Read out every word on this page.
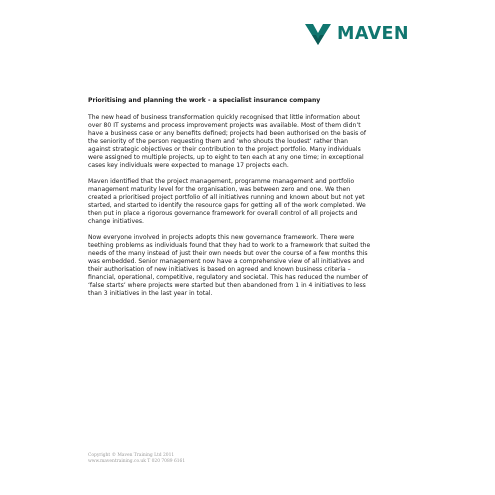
MAVEN

Prioritising and planning the work - a specialist insurance company

The new head of business transformation quickly recognised that little information about
over 80 IT systems and process improvement projects was available. Most of them didn’t
have a business case or any benefits defined; projects had been authorised on the basis of
the seniority of the person requesting them and ‘who shouts the loudest’ rather than
against strategic objectives or their contribution to the project portfolio. Many individuals
were assigned to multiple projects, up to eight to ten each at any one time; in exceptional
cases key individuals were expected to manage 17 projects each.

Maven identified that the project management, programme management and portfolio
management maturity level for the organisation, was between zero and one. We then
created a prioritised project portfolio of all initiatives running and known about but not yet
started, and started to identify the resource gaps for getting all of the work completed. We
then put in place a rigorous governance framework for overall control of all projects and
change initiatives.

Now everyone involved in projects adopts this new governance framework. There were
teething problems as individuals found that they had to work to a framework that suited the
needs of the many instead of just their own needs but over the course of a few months this
was embedded. Senior management now have a comprehensive view of all initiatives and
their authorisation of new initiatives is based on agreed and known business criteria –
financial, operational, competitive, regulatory and societal. This has reduced the number of
‘false starts’ where projects were started but then abandoned from 1 in 4 initiatives to less
than 3 initiatives in the last year in total.

Copyright © Maven Training Ltd 2011
www.maventraining.co.uk T 020 7089 6161
